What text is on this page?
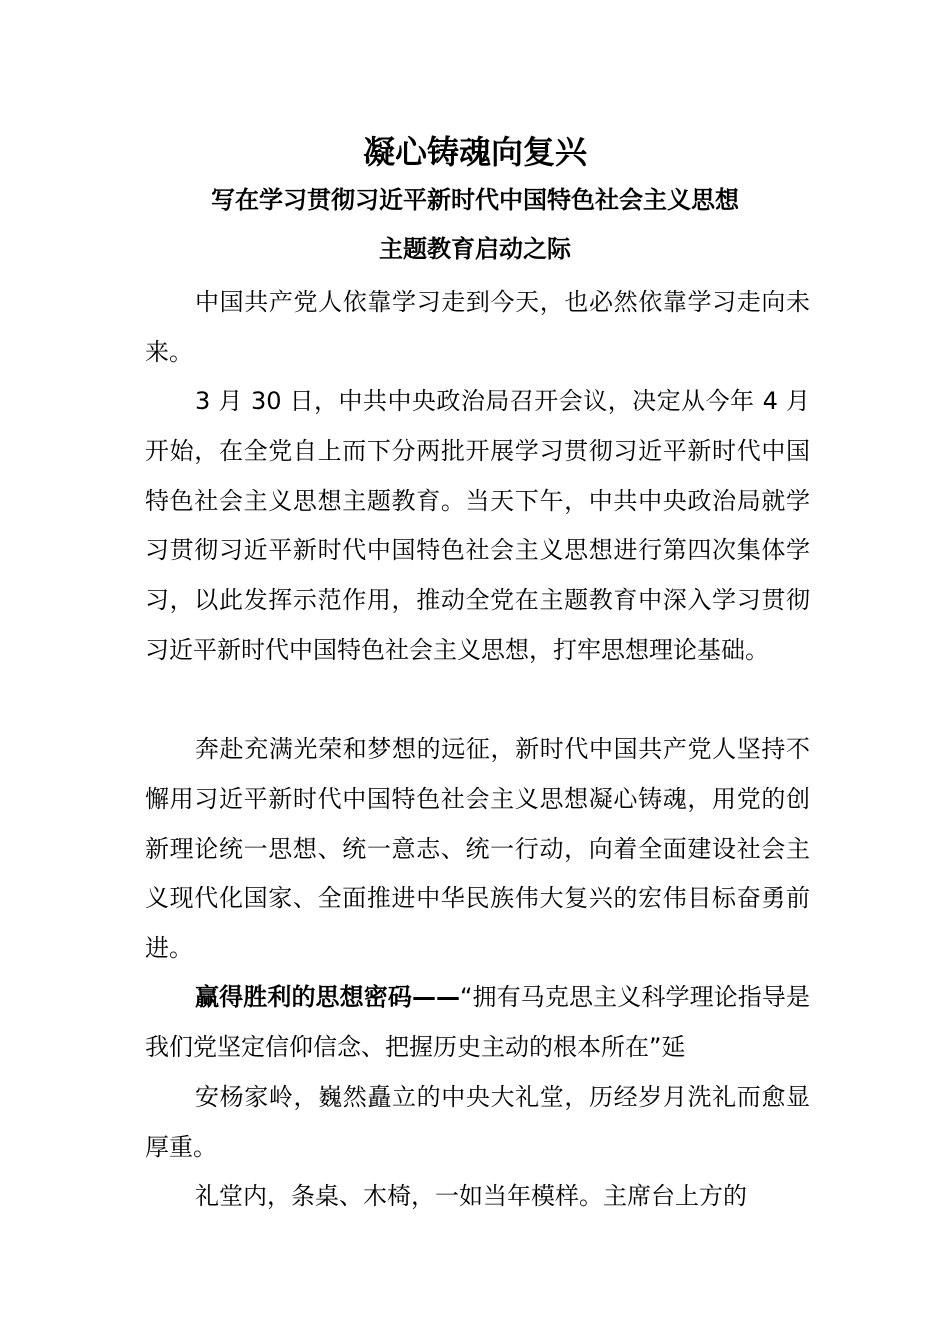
凝心铸魂向复兴
写在学习贯彻习近平新时代中国特色社会主义思想
主题教育启动之际

中国共产党人依靠学习走到今天，也必然依靠学习走向未来。

3 月 30 日，中共中央政治局召开会议，决定从今年 4 月开始，在全党自上而下分两批开展学习贯彻习近平新时代中国特色社会主义思想主题教育。当天下午，中共中央政治局就学习贯彻习近平新时代中国特色社会主义思想进行第四次集体学习，以此发挥示范作用，推动全党在主题教育中深入学习贯彻习近平新时代中国特色社会主义思想，打牢思想理论基础。

奔赴充满光荣和梦想的远征，新时代中国共产党人坚持不懈用习近平新时代中国特色社会主义思想凝心铸魂，用党的创新理论统一思想、统一意志、统一行动，向着全面建设社会主义现代化国家、全面推进中华民族伟大复兴的宏伟目标奋勇前进。

赢得胜利的思想密码——“拥有马克思主义科学理论指导是我们党坚定信仰信念、把握历史主动的根本所在”延

安杨家岭，巍然矗立的中央大礼堂，历经岁月洗礼而愈显厚重。

礼堂内，条桌、木椅，一如当年模样。主席台上方的
